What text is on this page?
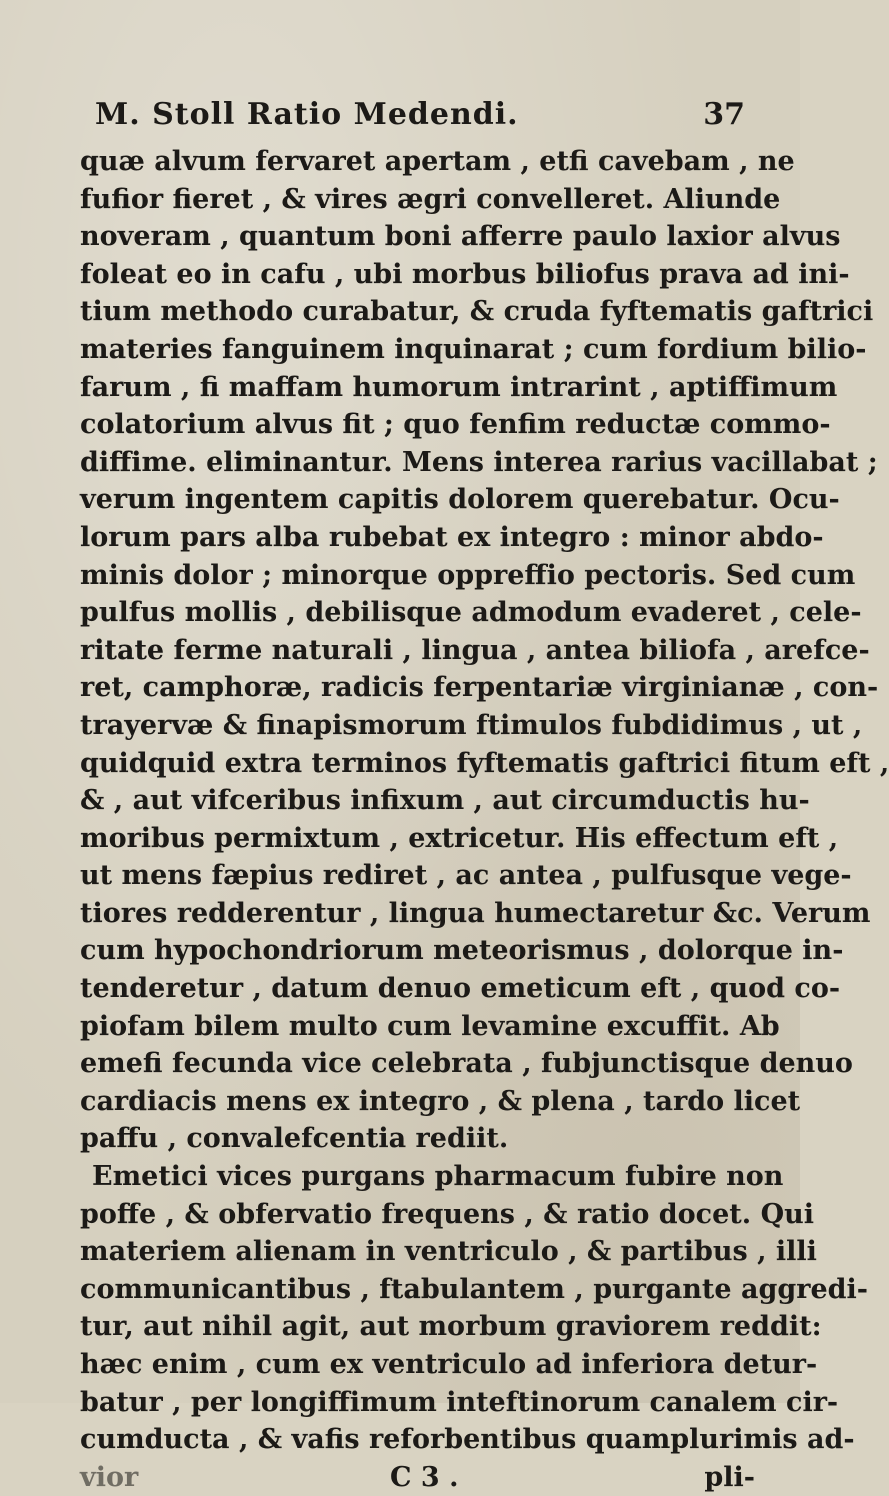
M. Stoll Ratio Medendi.	37
quæ alvum fervaret apertam , etfi cavebam , ne
fufior fieret , & vires ægri convelleret. Aliunde
noveram , quantum boni afferre paulo laxior alvus
foleat eo in cafu , ubi morbus biliofus prava ad ini-
tium methodo curabatur, & cruda fyftematis gaftrici
materies fanguinem inquinarat ; cum fordium bilio-
farum , fi maffam humorum intrarint , aptiffimum
colatorium alvus fit ; quo fenfim reductæ commo-
diffime. eliminantur. Mens interea rarius vacillabat ;
verum ingentem capitis dolorem querebatur. Ocu-
lorum pars alba rubebat ex integro : minor abdo-
minis dolor ; minorque oppreffio pectoris. Sed cum
pulfus mollis , debilisque admodum evaderet , cele-
ritate ferme naturali , lingua , antea biliofa , arefce-
ret, camphoræ, radicis ferpentariæ virginianæ , con-
trayervæ & finapismorum ftimulos fubdidimus , ut ,
quidquid extra terminos fyftematis gaftrici fitum eft ,
& , aut vifceribus infixum , aut circumductis hu-
moribus permixtum , extricetur. His effectum eft ,
ut mens fæpius rediret , ac antea , pulfusque vege-
tiores redderentur , lingua humectaretur &c. Verum
cum hypochondriorum meteorismus , dolorque in-
tenderetur , datum denuo emeticum eft , quod co-
piofam bilem multo cum levamine excuffit. Ab
emefi fecunda vice celebrata , fubjunctisque denuo
cardiacis mens ex integro , & plena , tardo licet
paffu , convalefcentia rediit.
Emetici vices purgans pharmacum fubire non
poffe , & obfervatio frequens , & ratio docet. Qui
materiem alienam in ventriculo , & partibus , illi
communicantibus , ftabulantem , purgante aggredi-
tur, aut nihil agit, aut morbum graviorem reddit:
hæc enim , cum ex ventriculo ad inferiora detur-
batur , per longiffimum inteftinorum canalem cir-
cumducta , & vafis reforbentibus quamplurimis ad-
vior	C 3 .	pli-
